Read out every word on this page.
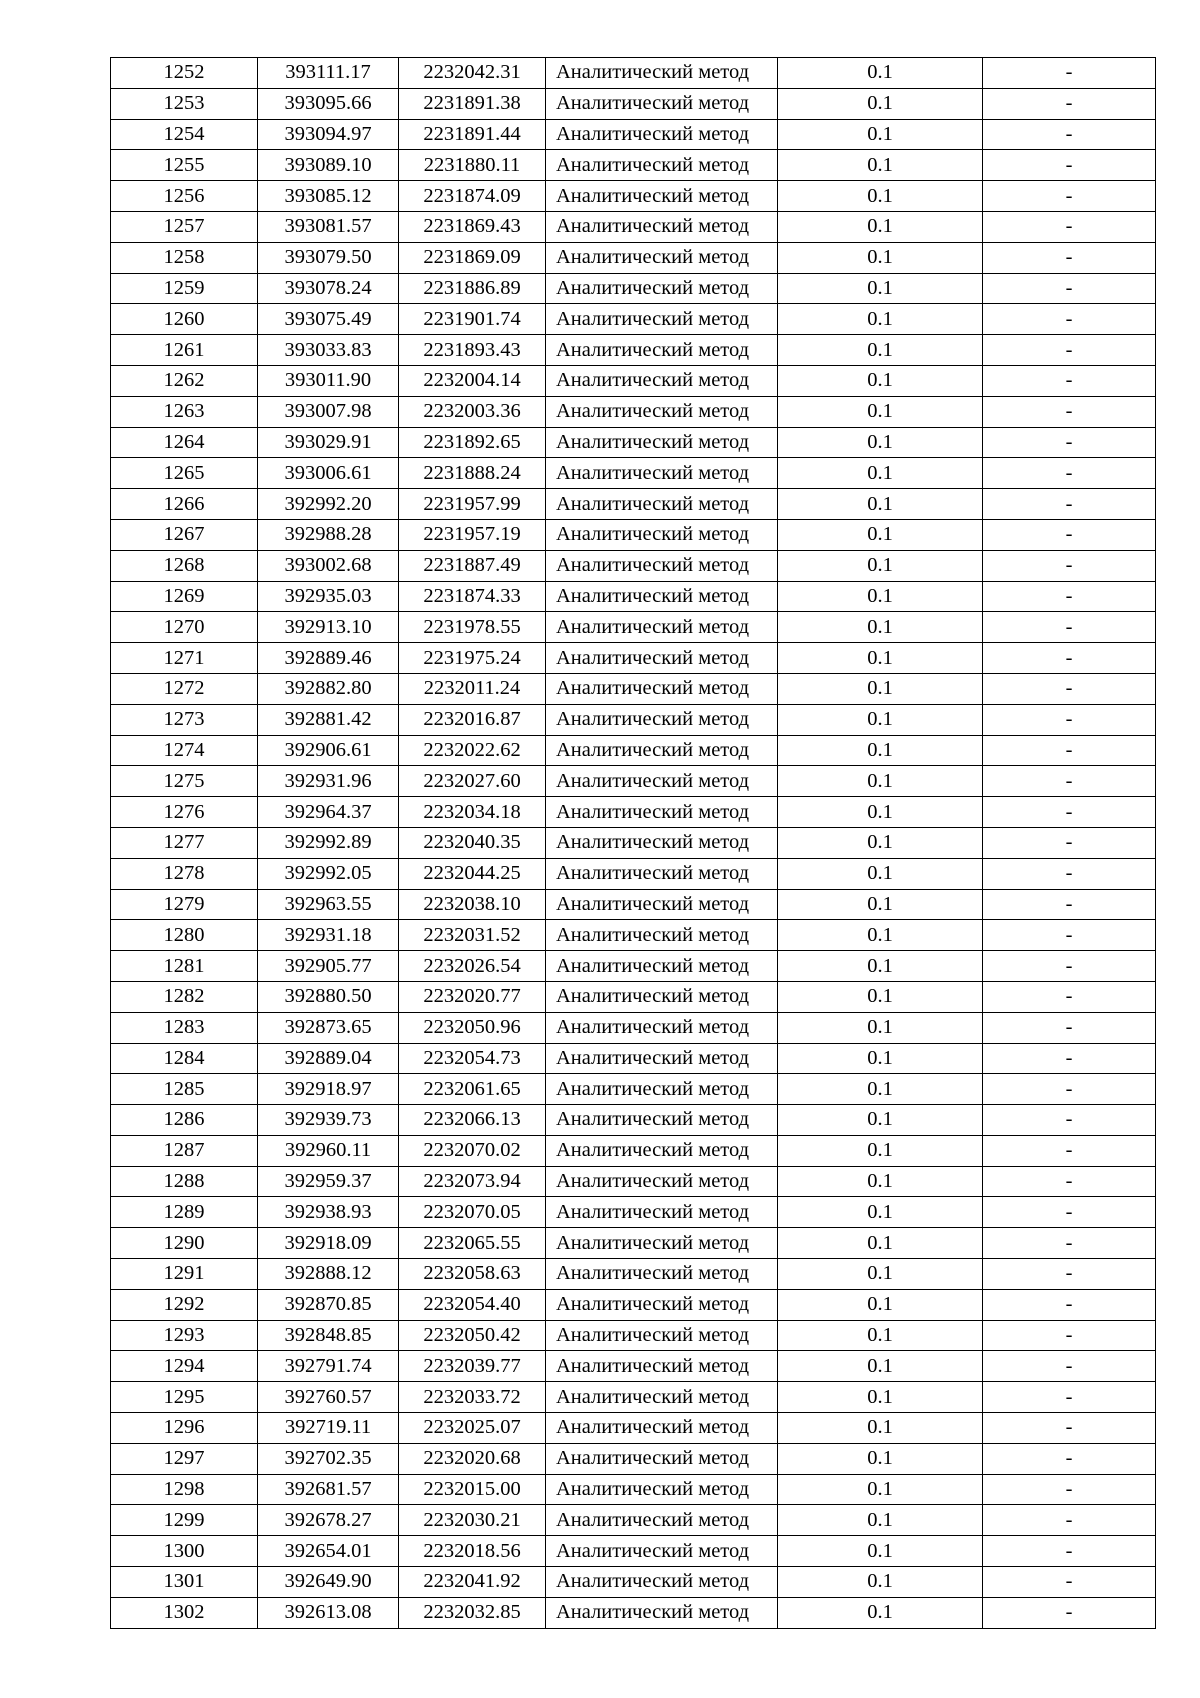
1252	393111.17	2232042.31	Аналитический метод	0.1	-
1253	393095.66	2231891.38	Аналитический метод	0.1	-
1254	393094.97	2231891.44	Аналитический метод	0.1	-
1255	393089.10	2231880.11	Аналитический метод	0.1	-
1256	393085.12	2231874.09	Аналитический метод	0.1	-
1257	393081.57	2231869.43	Аналитический метод	0.1	-
1258	393079.50	2231869.09	Аналитический метод	0.1	-
1259	393078.24	2231886.89	Аналитический метод	0.1	-
1260	393075.49	2231901.74	Аналитический метод	0.1	-
1261	393033.83	2231893.43	Аналитический метод	0.1	-
1262	393011.90	2232004.14	Аналитический метод	0.1	-
1263	393007.98	2232003.36	Аналитический метод	0.1	-
1264	393029.91	2231892.65	Аналитический метод	0.1	-
1265	393006.61	2231888.24	Аналитический метод	0.1	-
1266	392992.20	2231957.99	Аналитический метод	0.1	-
1267	392988.28	2231957.19	Аналитический метод	0.1	-
1268	393002.68	2231887.49	Аналитический метод	0.1	-
1269	392935.03	2231874.33	Аналитический метод	0.1	-
1270	392913.10	2231978.55	Аналитический метод	0.1	-
1271	392889.46	2231975.24	Аналитический метод	0.1	-
1272	392882.80	2232011.24	Аналитический метод	0.1	-
1273	392881.42	2232016.87	Аналитический метод	0.1	-
1274	392906.61	2232022.62	Аналитический метод	0.1	-
1275	392931.96	2232027.60	Аналитический метод	0.1	-
1276	392964.37	2232034.18	Аналитический метод	0.1	-
1277	392992.89	2232040.35	Аналитический метод	0.1	-
1278	392992.05	2232044.25	Аналитический метод	0.1	-
1279	392963.55	2232038.10	Аналитический метод	0.1	-
1280	392931.18	2232031.52	Аналитический метод	0.1	-
1281	392905.77	2232026.54	Аналитический метод	0.1	-
1282	392880.50	2232020.77	Аналитический метод	0.1	-
1283	392873.65	2232050.96	Аналитический метод	0.1	-
1284	392889.04	2232054.73	Аналитический метод	0.1	-
1285	392918.97	2232061.65	Аналитический метод	0.1	-
1286	392939.73	2232066.13	Аналитический метод	0.1	-
1287	392960.11	2232070.02	Аналитический метод	0.1	-
1288	392959.37	2232073.94	Аналитический метод	0.1	-
1289	392938.93	2232070.05	Аналитический метод	0.1	-
1290	392918.09	2232065.55	Аналитический метод	0.1	-
1291	392888.12	2232058.63	Аналитический метод	0.1	-
1292	392870.85	2232054.40	Аналитический метод	0.1	-
1293	392848.85	2232050.42	Аналитический метод	0.1	-
1294	392791.74	2232039.77	Аналитический метод	0.1	-
1295	392760.57	2232033.72	Аналитический метод	0.1	-
1296	392719.11	2232025.07	Аналитический метод	0.1	-
1297	392702.35	2232020.68	Аналитический метод	0.1	-
1298	392681.57	2232015.00	Аналитический метод	0.1	-
1299	392678.27	2232030.21	Аналитический метод	0.1	-
1300	392654.01	2232018.56	Аналитический метод	0.1	-
1301	392649.90	2232041.92	Аналитический метод	0.1	-
1302	392613.08	2232032.85	Аналитический метод	0.1	-
